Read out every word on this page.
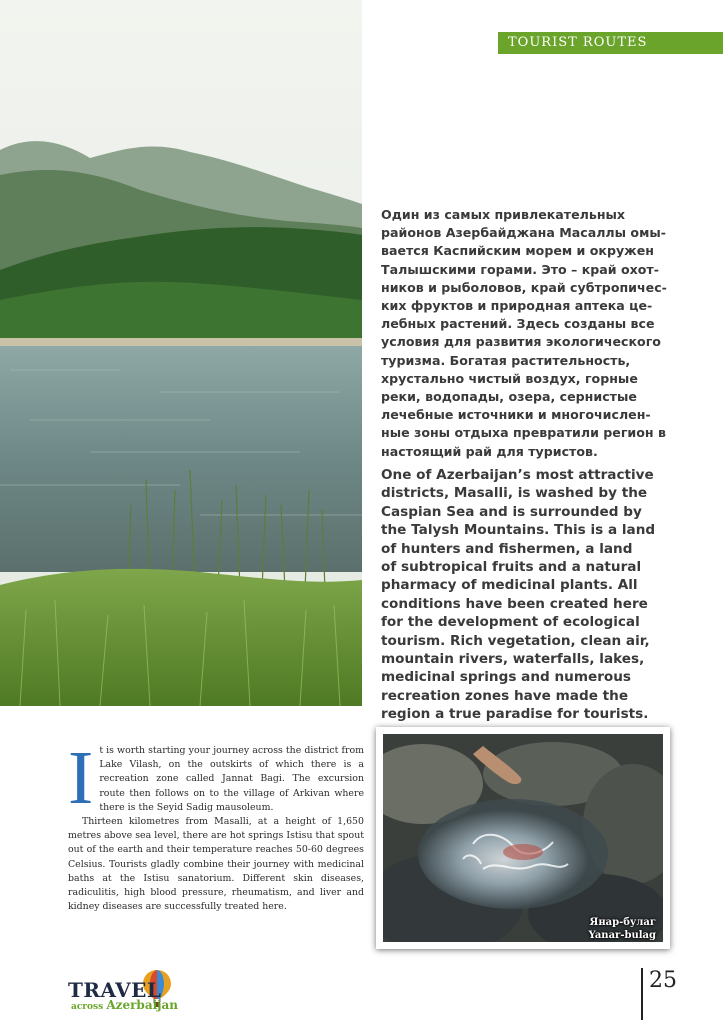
TOURIST ROUTES
Один из самых привлекательных
районов Азербайджана Масаллы омы-
вается Каспийским морем и окружен
Талышскими горами. Это – край охот-
ников и рыболовов, край субтропичес-
ких фруктов и природная аптека це-
лебных растений. Здесь созданы все
условия для развития экологического
туризма. Богатая растительность,
хрустально чистый воздух, горные
реки, водопады, озера, сернистые
лечебные источники и многочислен-
ные зоны отдыха превратили регион в
настоящий рай для туристов.
One of Azerbaijan’s most attractive
districts, Masalli, is washed by the
Caspian Sea and is surrounded by
the Talysh Mountains. This is a land
of hunters and fishermen, a land
of subtropical fruits and a natural
pharmacy of medicinal plants. All
conditions have been created here
for the development of ecological
tourism. Rich vegetation, clean air,
mountain rivers, waterfalls, lakes,
medicinal springs and numerous
recreation zones have made the
region a true paradise for tourists.

It is worth starting your journey across the district from Lake Vilash, on the outskirts of which there is a recreation zone called Jannat Bagi. The excursion route then follows on to the village of Arkivan where there is the Seyid Sadig mausoleum.

Thirteen kilometres from Masalli, at a height of 1,650 metres above sea level, there are hot springs Istisu that spout out of the earth and their temperature reaches 50-60 degrees Celsius. Tourists gladly combine their journey with medicinal baths at the Istisu sanatorium. Different skin diseases, radiculitis, high blood pressure, rheumatism, and liver and kidney diseases are successfully treated here.

Янар-булаг
Yanar-bulag
TRAVEL
across Azerbaijan
25
